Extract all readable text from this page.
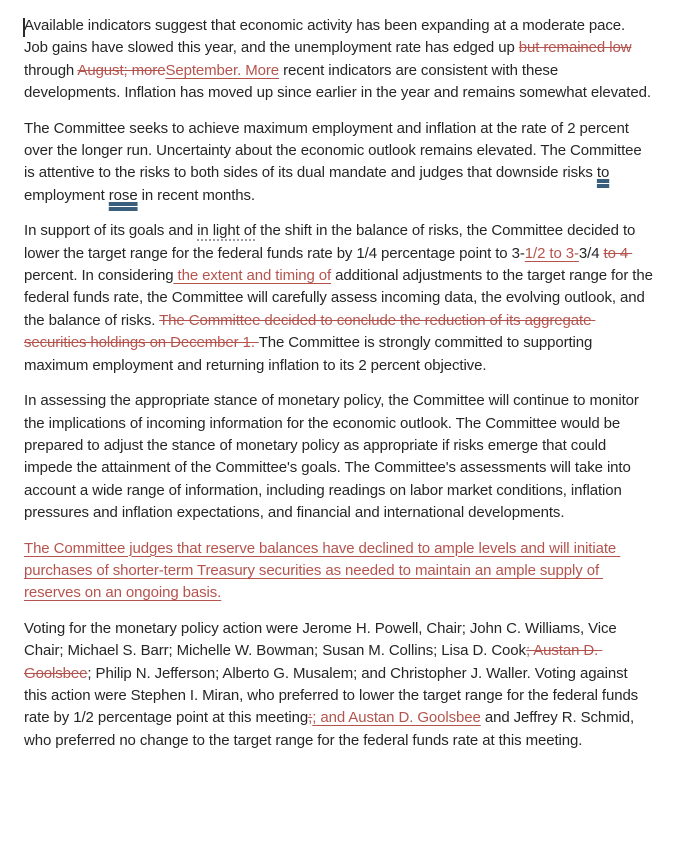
Available indicators suggest that economic activity has been expanding at a moderate pace. Job gains have slowed this year, and the unemployment rate has edged up but remained low through August; moreSeptember. More recent indicators are consistent with these developments. Inflation has moved up since earlier in the year and remains somewhat elevated.

The Committee seeks to achieve maximum employment and inflation at the rate of 2 percent over the longer run. Uncertainty about the economic outlook remains elevated. The Committee is attentive to the risks to both sides of its dual mandate and judges that downside risks to employment rose in recent months.

In support of its goals and in light of the shift in the balance of risks, the Committee decided to lower the target range for the federal funds rate by 1/4 percentage point to 3-1/2 to 3-3/4 to 4 percent. In considering the extent and timing of additional adjustments to the target range for the federal funds rate, the Committee will carefully assess incoming data, the evolving outlook, and the balance of risks. The Committee decided to conclude the reduction of its aggregate securities holdings on December 1. The Committee is strongly committed to supporting maximum employment and returning inflation to its 2 percent objective.

In assessing the appropriate stance of monetary policy, the Committee will continue to monitor the implications of incoming information for the economic outlook. The Committee would be prepared to adjust the stance of monetary policy as appropriate if risks emerge that could impede the attainment of the Committee's goals. The Committee's assessments will take into account a wide range of information, including readings on labor market conditions, inflation pressures and inflation expectations, and financial and international developments.

The Committee judges that reserve balances have declined to ample levels and will initiate purchases of shorter-term Treasury securities as needed to maintain an ample supply of reserves on an ongoing basis.

Voting for the monetary policy action were Jerome H. Powell, Chair; John C. Williams, Vice Chair; Michael S. Barr; Michelle W. Bowman; Susan M. Collins; Lisa D. Cook; Austan D. Goolsbee; Philip N. Jefferson; Alberto G. Musalem; and Christopher J. Waller. Voting against this action were Stephen I. Miran, who preferred to lower the target range for the federal funds rate by 1/2 percentage point at this meeting;; and Austan D. Goolsbee and Jeffrey R. Schmid, who preferred no change to the target range for the federal funds rate at this meeting.
